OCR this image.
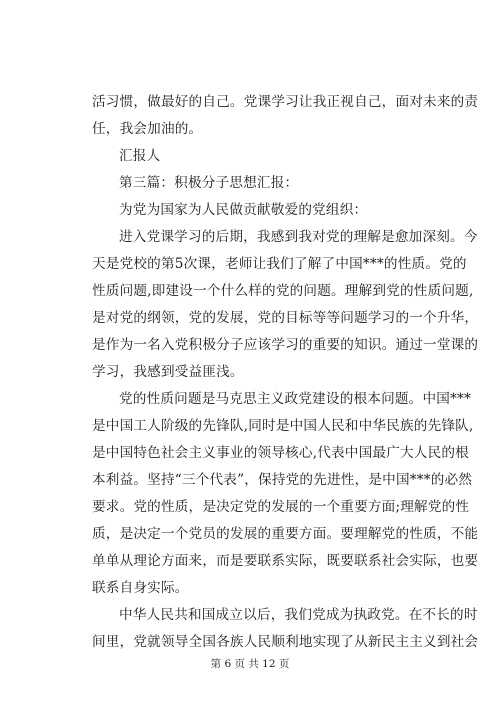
活习惯，做最好的自己。党课学习让我正视自己，面对未来的责
任，我会加油的。
汇报人
第三篇：积极分子思想汇报：
为党为国家为人民做贡献敬爱的党组织：
进入党课学习的后期，我感到我对党的理解是愈加深刻。今
天是党校的第5次课，老师让我们了解了中国***的性质。党的
性质问题,即建设一个什么样的党的问题。理解到党的性质问题,
是对党的纲领，党的发展，党的目标等等问题学习的一个升华，
是作为一名入党积极分子应该学习的重要的知识。通过一堂课的
学习，我感到受益匪浅。
党的性质问题是马克思主义政党建设的根本问题。中国***
是中国工人阶级的先锋队,同时是中国人民和中华民族的先锋队,
是中国特色社会主义事业的领导核心,代表中国最广大人民的根
本利益。坚持“三个代表”，保持党的先进性，是中国***的必然
要求。党的性质，是决定党的发展的一个重要方面;理解党的性
质，是决定一个党员的发展的重要方面。要理解党的性质，不能
单单从理论方面来，而是要联系实际，既要联系社会实际，也要
联系自身实际。
中华人民共和国成立以后，我们党成为执政党。在不长的时
间里，党就领导全国各族人民顺利地实现了从新民主主义到社会
第 6 页 共 12 页
